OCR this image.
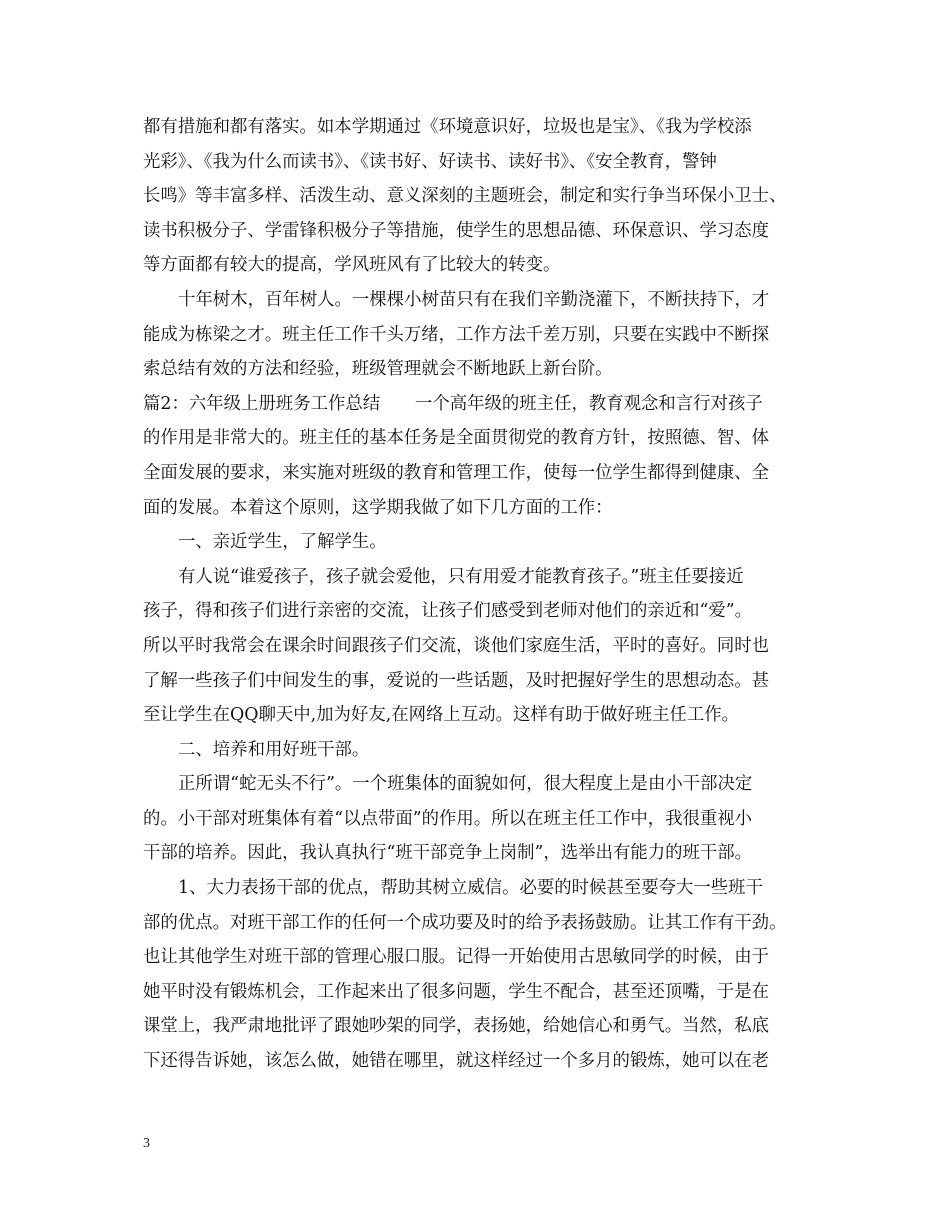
都有措施和都有落实。如本学期通过《环境意识好，垃圾也是宝》、《我为学校添
光彩》、《我为什么而读书》、《读书好、好读书、读好书》、《安全教育，警钟
长鸣》等丰富多样、活泼生动、意义深刻的主题班会，制定和实行争当环保小卫士、
读书积极分子、学雷锋积极分子等措施，使学生的思想品德、环保意识、学习态度
等方面都有较大的提高，学风班风有了比较大的转变。
十年树木，百年树人。一棵棵小树苗只有在我们辛勤浇灌下，不断扶持下，才
能成为栋梁之才。班主任工作千头万绪，工作方法千差万别，只要在实践中不断探
索总结有效的方法和经验，班级管理就会不断地跃上新台阶。
篇2：六年级上册班务工作总结　　一个高年级的班主任，教育观念和言行对孩子
的作用是非常大的。班主任的基本任务是全面贯彻党的教育方针，按照德、智、体
全面发展的要求，来实施对班级的教育和管理工作，使每一位学生都得到健康、全
面的发展。本着这个原则，这学期我做了如下几方面的工作：
一、亲近学生，了解学生。
有人说“谁爱孩子，孩子就会爱他，只有用爱才能教育孩子。”班主任要接近
孩子，得和孩子们进行亲密的交流，让孩子们感受到老师对他们的亲近和“爱”。
所以平时我常会在课余时间跟孩子们交流，谈他们家庭生活，平时的喜好。同时也
了解一些孩子们中间发生的事，爱说的一些话题，及时把握好学生的思想动态。甚
至让学生在QQ聊天中,加为好友,在网络上互动。这样有助于做好班主任工作。
二、培养和用好班干部。
正所谓“蛇无头不行”。一个班集体的面貌如何，很大程度上是由小干部决定
的。小干部对班集体有着“以点带面”的作用。所以在班主任工作中，我很重视小
干部的培养。因此，我认真执行“班干部竞争上岗制”，选举出有能力的班干部。
1、大力表扬干部的优点，帮助其树立威信。必要的时候甚至要夸大一些班干
部的优点。对班干部工作的任何一个成功要及时的给予表扬鼓励。让其工作有干劲。
也让其他学生对班干部的管理心服口服。记得一开始使用古思敏同学的时候，由于
她平时没有锻炼机会，工作起来出了很多问题，学生不配合，甚至还顶嘴，于是在
课堂上，我严肃地批评了跟她吵架的同学，表扬她，给她信心和勇气。当然，私底
下还得告诉她，该怎么做，她错在哪里，就这样经过一个多月的锻炼，她可以在老
3
